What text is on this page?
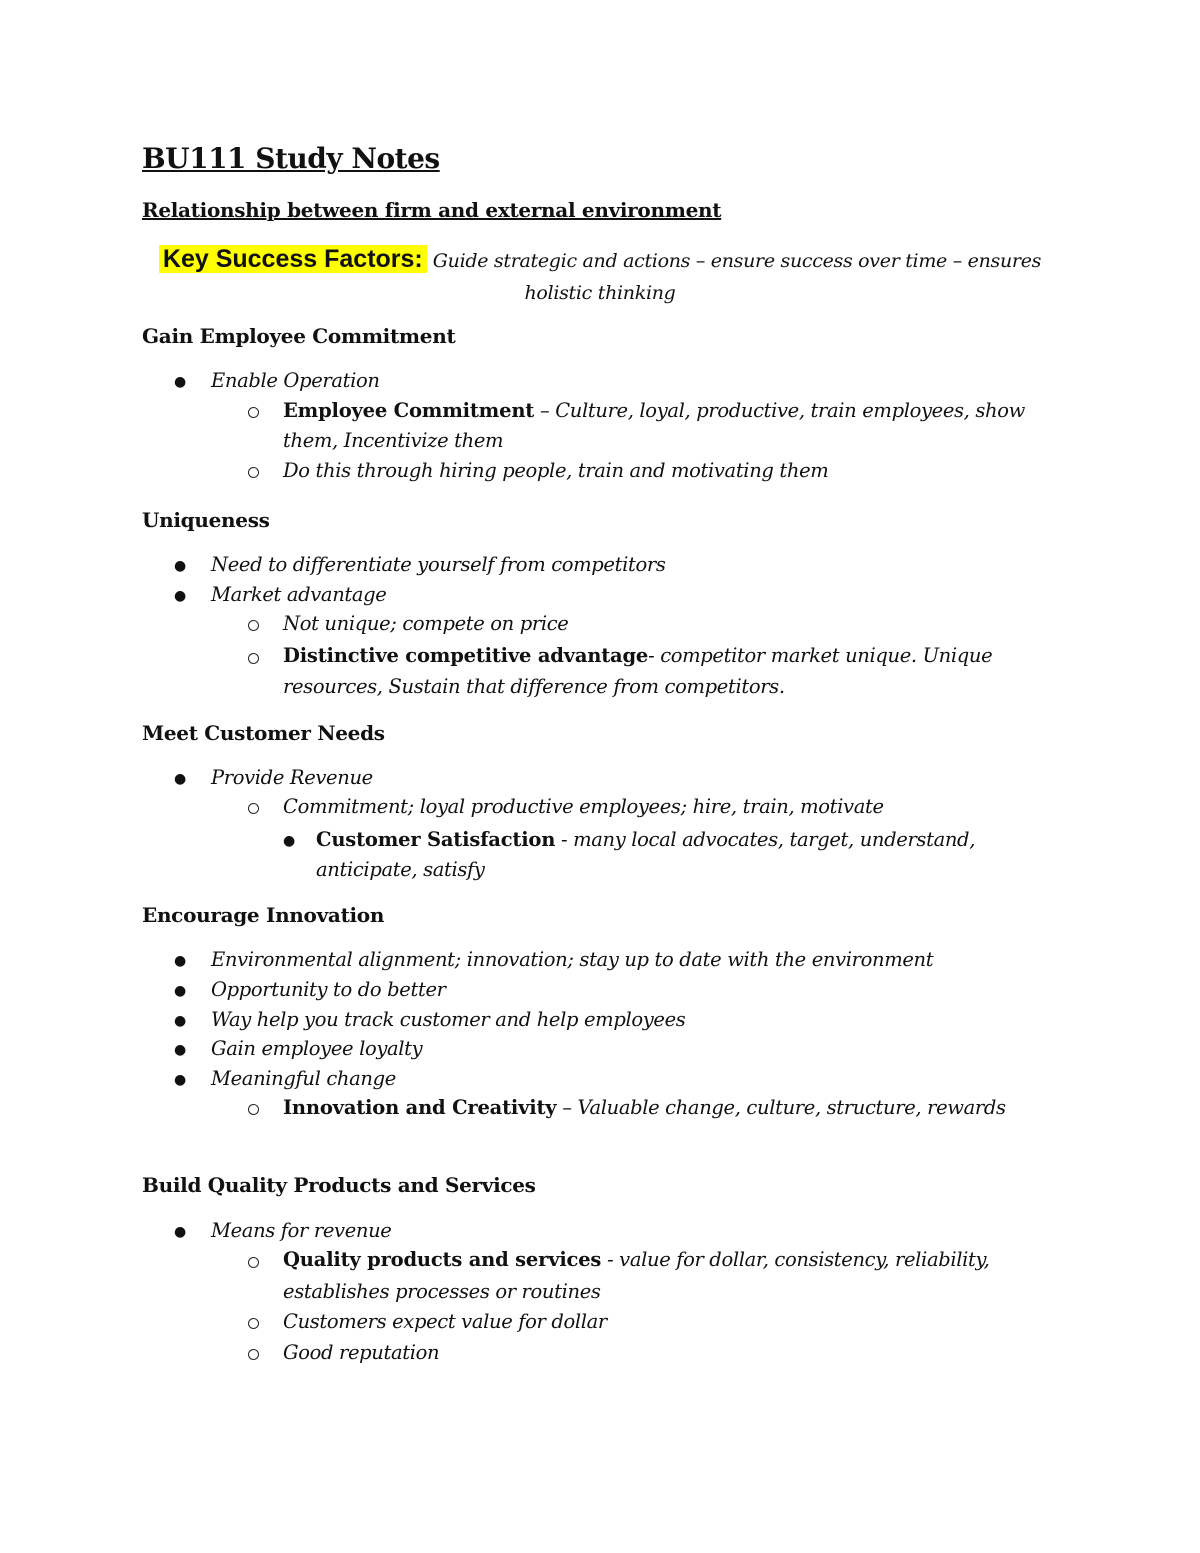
BU111 Study Notes
Relationship between firm and external environment
Key Success Factors: Guide strategic and actions – ensure success over time – ensures
holistic thinking
Gain Employee Commitment
● Enable Operation
Employee Commitment – Culture, loyal, productive, train employees, show
them, Incentivize them
Do this through hiring people, train and motivating them
Uniqueness
● Need to differentiate yourself from competitors
● Market advantage
Not unique; compete on price
Distinctive competitive advantage- competitor market unique. Unique
resources, Sustain that difference from competitors.
Meet Customer Needs
● Provide Revenue
Commitment; loyal productive employees; hire, train, motivate
● Customer Satisfaction - many local advocates, target, understand,
anticipate, satisfy
Encourage Innovation
● Environmental alignment; innovation; stay up to date with the environment
● Opportunity to do better
● Way help you track customer and help employees
● Gain employee loyalty
● Meaningful change
Innovation and Creativity – Valuable change, culture, structure, rewards
Build Quality Products and Services
● Means for revenue
Quality products and services - value for dollar, consistency, reliability,
establishes processes or routines
Customers expect value for dollar
Good reputation
